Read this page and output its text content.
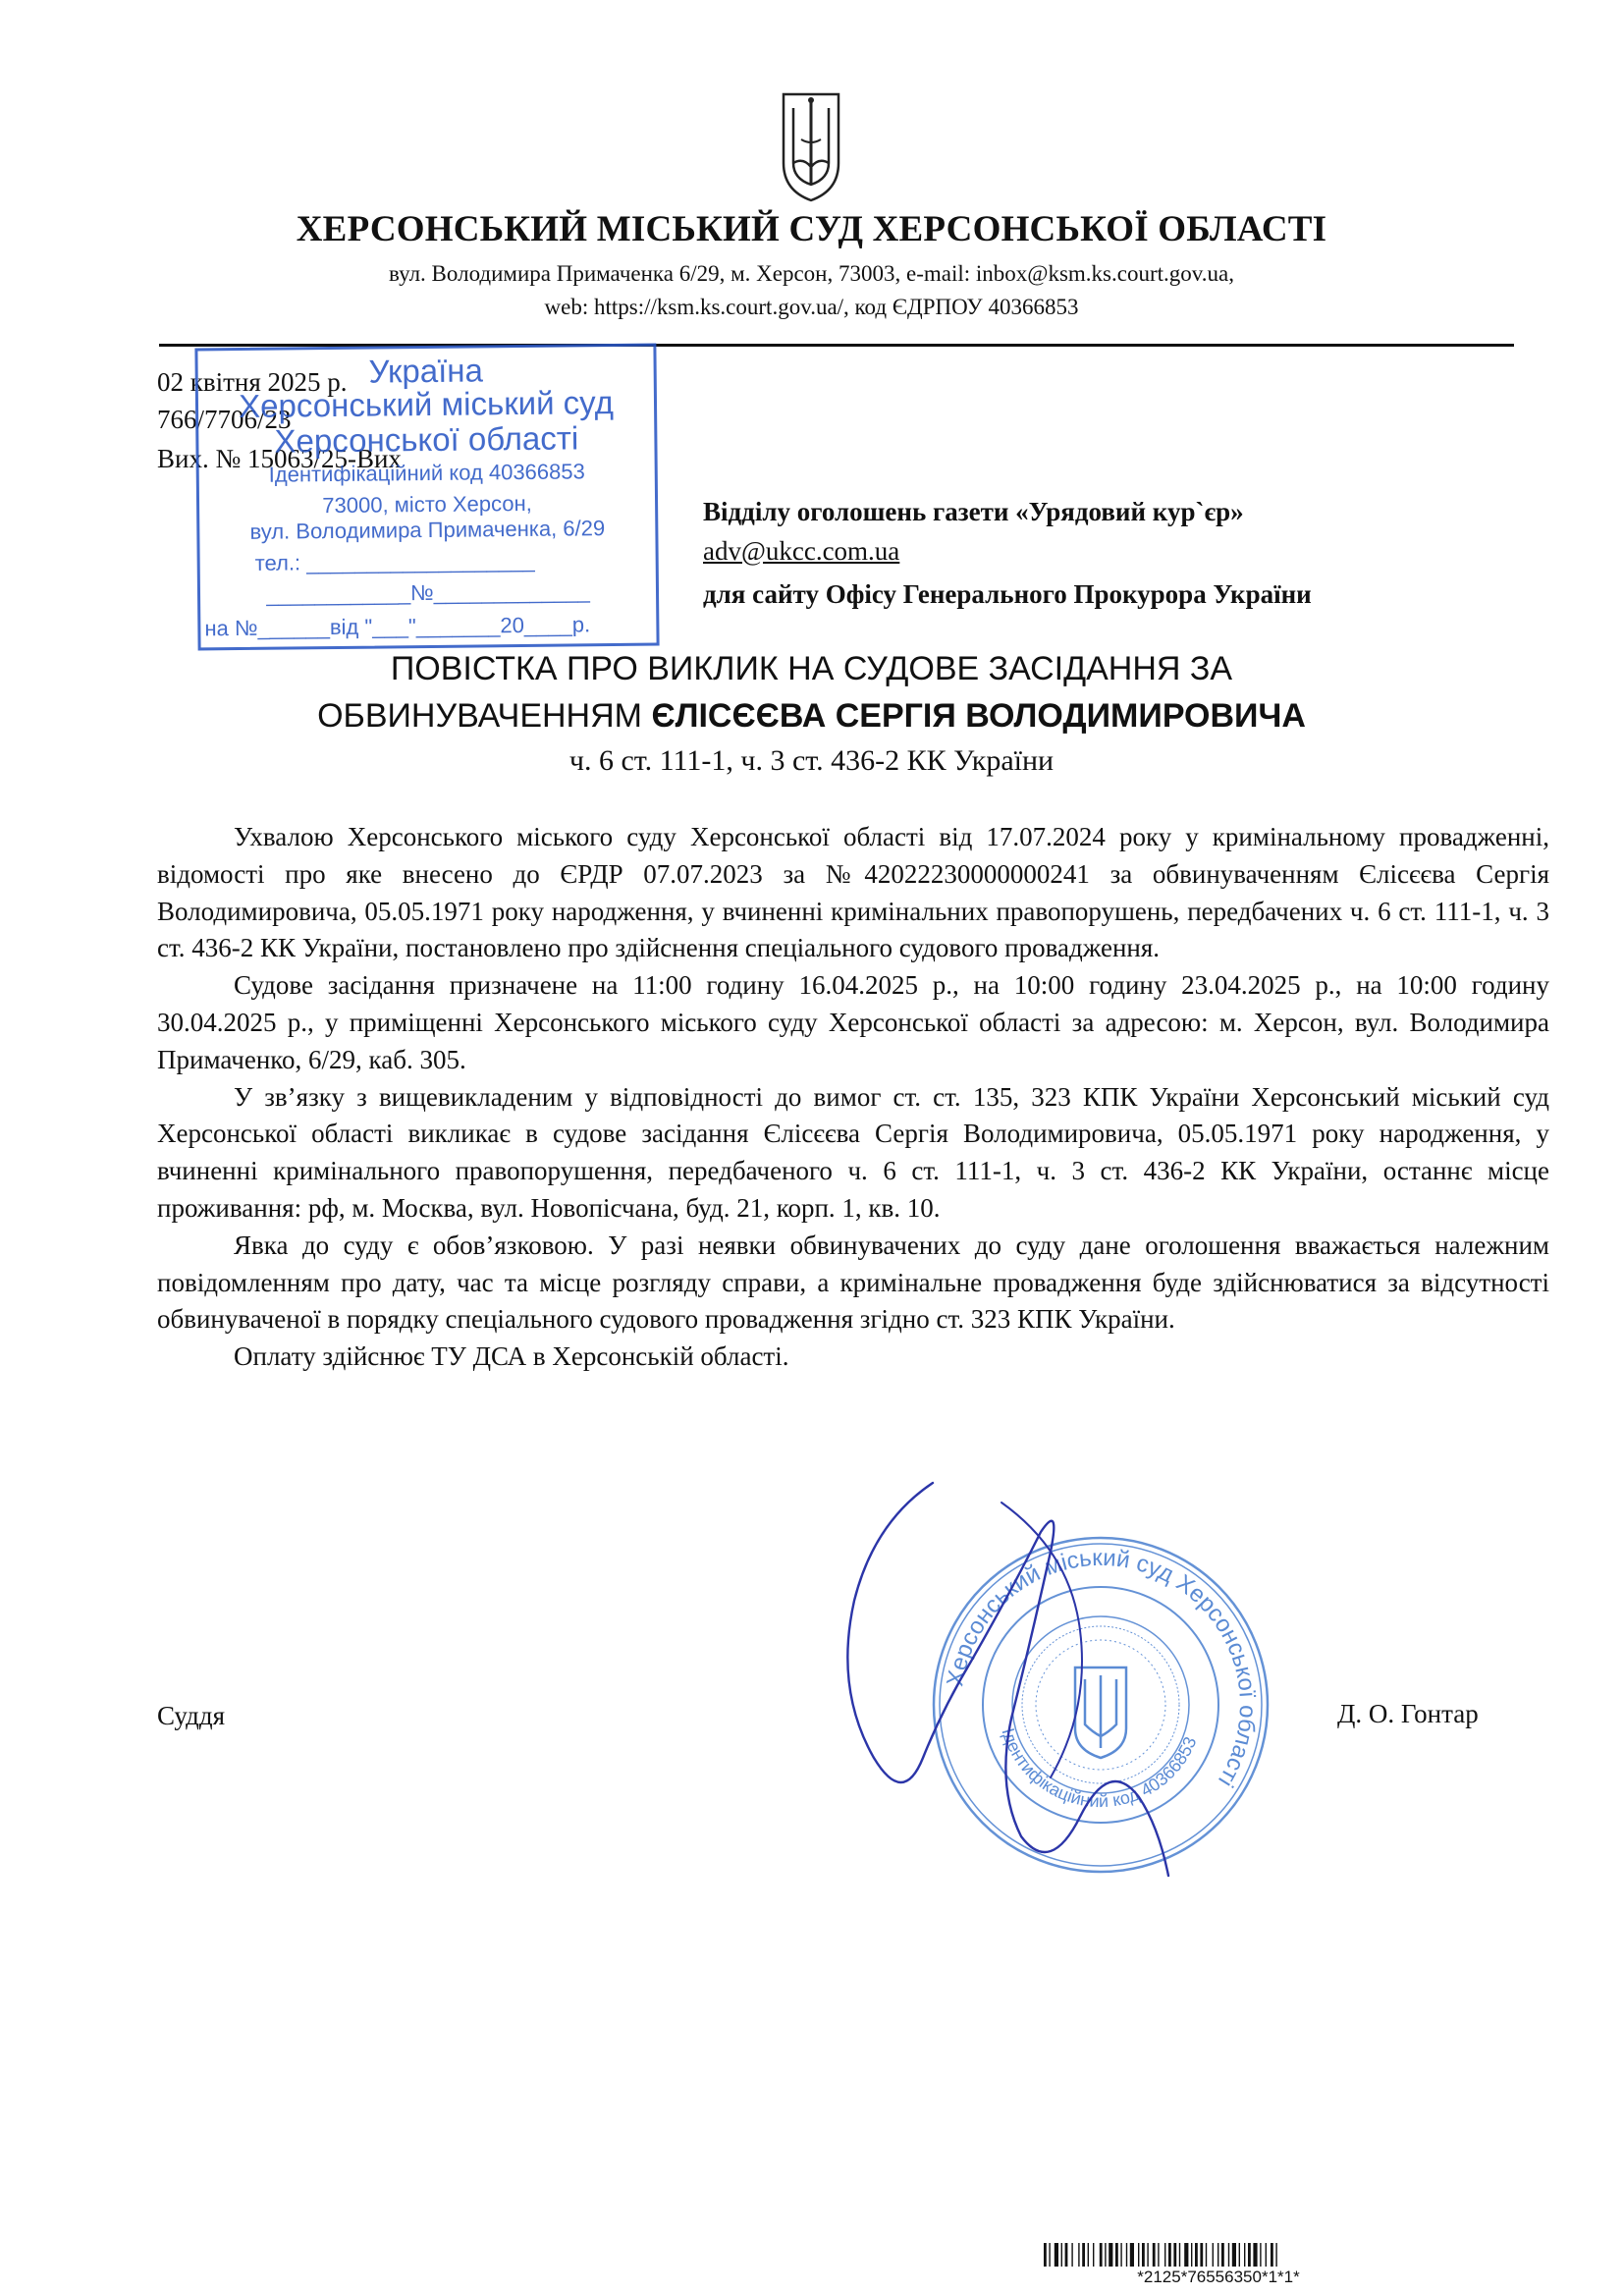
ХЕРСОНСЬКИЙ МІСЬКИЙ СУД ХЕРСОНСЬКОЇ ОБЛАСТІ
вул. Володимира Примаченка 6/29, м. Херсон, 73003, e-mail: inbox@ksm.ks.court.gov.ua,
web: https://ksm.ks.court.gov.ua/, код ЄДРПОУ 40366853
02 квітня 2025 р.
766/7706/23
Вих. № 15063/25-Вих
Україна
Херсонський міський суд
Херсонської області
Ідентифікаційний код 40366853
73000, місто Херсон,
вул. Володимира Примаченка, 6/29
тел.: ___________________
____________№_____________
на №______від "___"_______20____р.
Відділу оголошень газети «Урядовий кур`єр»
adv@ukcc.com.ua
для сайту Офісу Генерального Прокурора України
ПОВІСТКА ПРО ВИКЛИК НА СУДОВЕ ЗАСІДАННЯ ЗА
ОБВИНУВАЧЕННЯМ ЄЛІСЄЄВА СЕРГІЯ ВОЛОДИМИРОВИЧА
ч. 6 ст. 111-1, ч. 3 ст. 436-2 КК України

Ухвалою Херсонського міського суду Херсонської області від 17.07.2024 року у кримінальному провадженні, відомості про яке внесено до ЄРДР 07.07.2023 за №42022230000000241 за обвинуваченням Єлісєєва Сергія Володимировича, 05.05.1971 року народження, у вчиненні кримінальних правопорушень, передбачених ч. 6 ст. 111-1, ч. 3 ст. 436-2 КК України, постановлено про здійснення спеціального судового провадження.

Судове засідання призначене на 11:00 годину 16.04.2025 р., на 10:00 годину 23.04.2025 р., на 10:00 годину 30.04.2025 р., у приміщенні Херсонського міського суду Херсонської області за адресою: м. Херсон, вул. Володимира Примаченко, 6/29, каб. 305.

У зв’язку з вищевикладеним у відповідності до вимог ст. ст. 135, 323 КПК України Херсонський міський суд Херсонської області викликає в судове засідання Єлісєєва Сергія Володимировича, 05.05.1971 року народження, у вчиненні кримінального правопорушення, передбаченого ч. 6 ст. 111-1, ч. 3 ст. 436-2 КК України, останнє місце проживання: рф, м. Москва, вул. Новопісчана, буд. 21, корп. 1, кв. 10.

Явка до суду є обов’язковою. У разі неявки обвинувачених до суду дане оголошення вважається належним повідомленням про дату, час та місце розгляду справи, а кримінальне провадження буде здійснюватися за відсутності обвинуваченої в порядку спеціального судового провадження згідно ст. 323 КПК України.

Оплату здійснює ТУ ДСА в Херсонській області.

Херсонський міський суд Херсонської області
Ідентифікаційний код 40366853
Суддя	Д. О. Гонтар
*2125*76556350*1*1*
